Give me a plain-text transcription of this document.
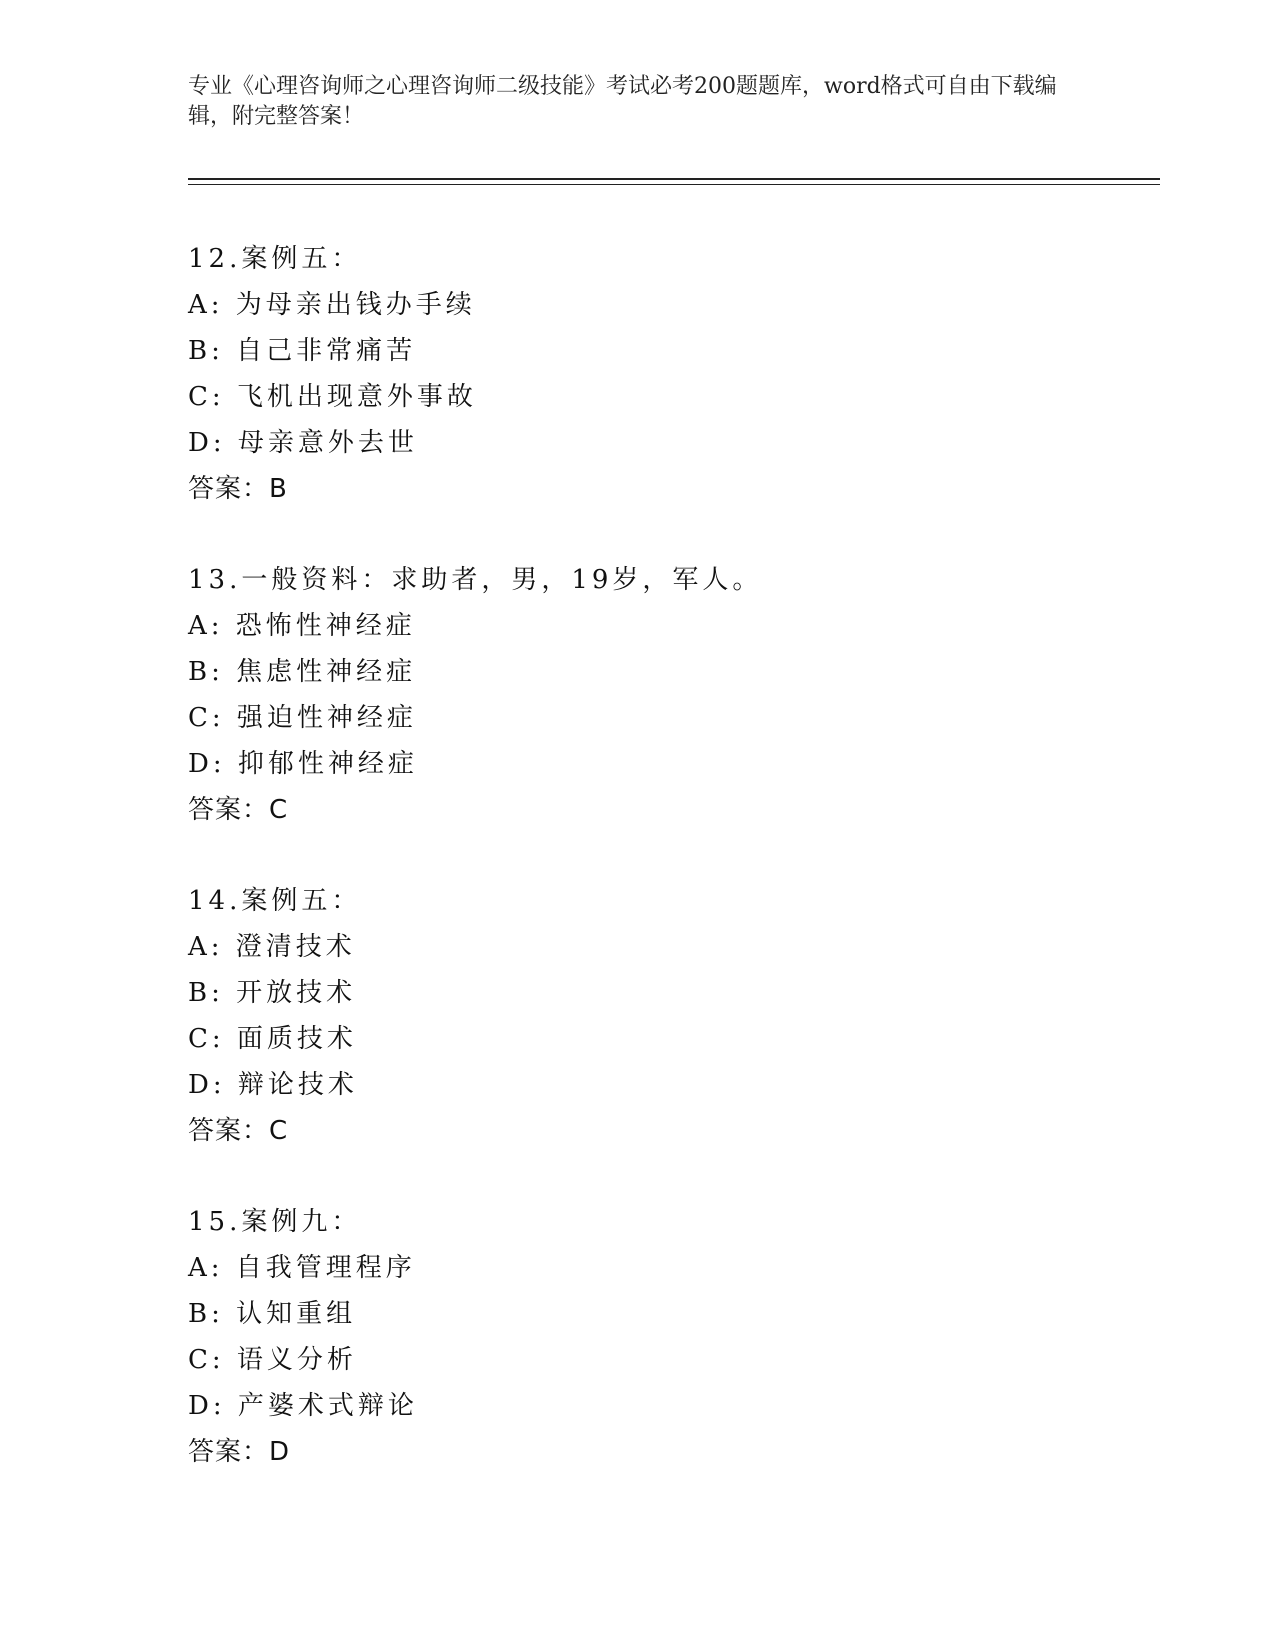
专业《心理咨询师之心理咨询师二级技能》考试必考200题题库，word格式可自由下载编辑，附完整答案！
12.案例五：
A: 为母亲出钱办手续
B: 自己非常痛苦
C: 飞机出现意外事故
D: 母亲意外去世
答案：B
13.一般资料：求助者，男，19岁，军人。
A: 恐怖性神经症
B: 焦虑性神经症
C: 强迫性神经症
D: 抑郁性神经症
答案：C
14.案例五：
A: 澄清技术
B: 开放技术
C: 面质技术
D: 辩论技术
答案：C
15.案例九：
A: 自我管理程序
B: 认知重组
C: 语义分析
D: 产婆术式辩论
答案：D
